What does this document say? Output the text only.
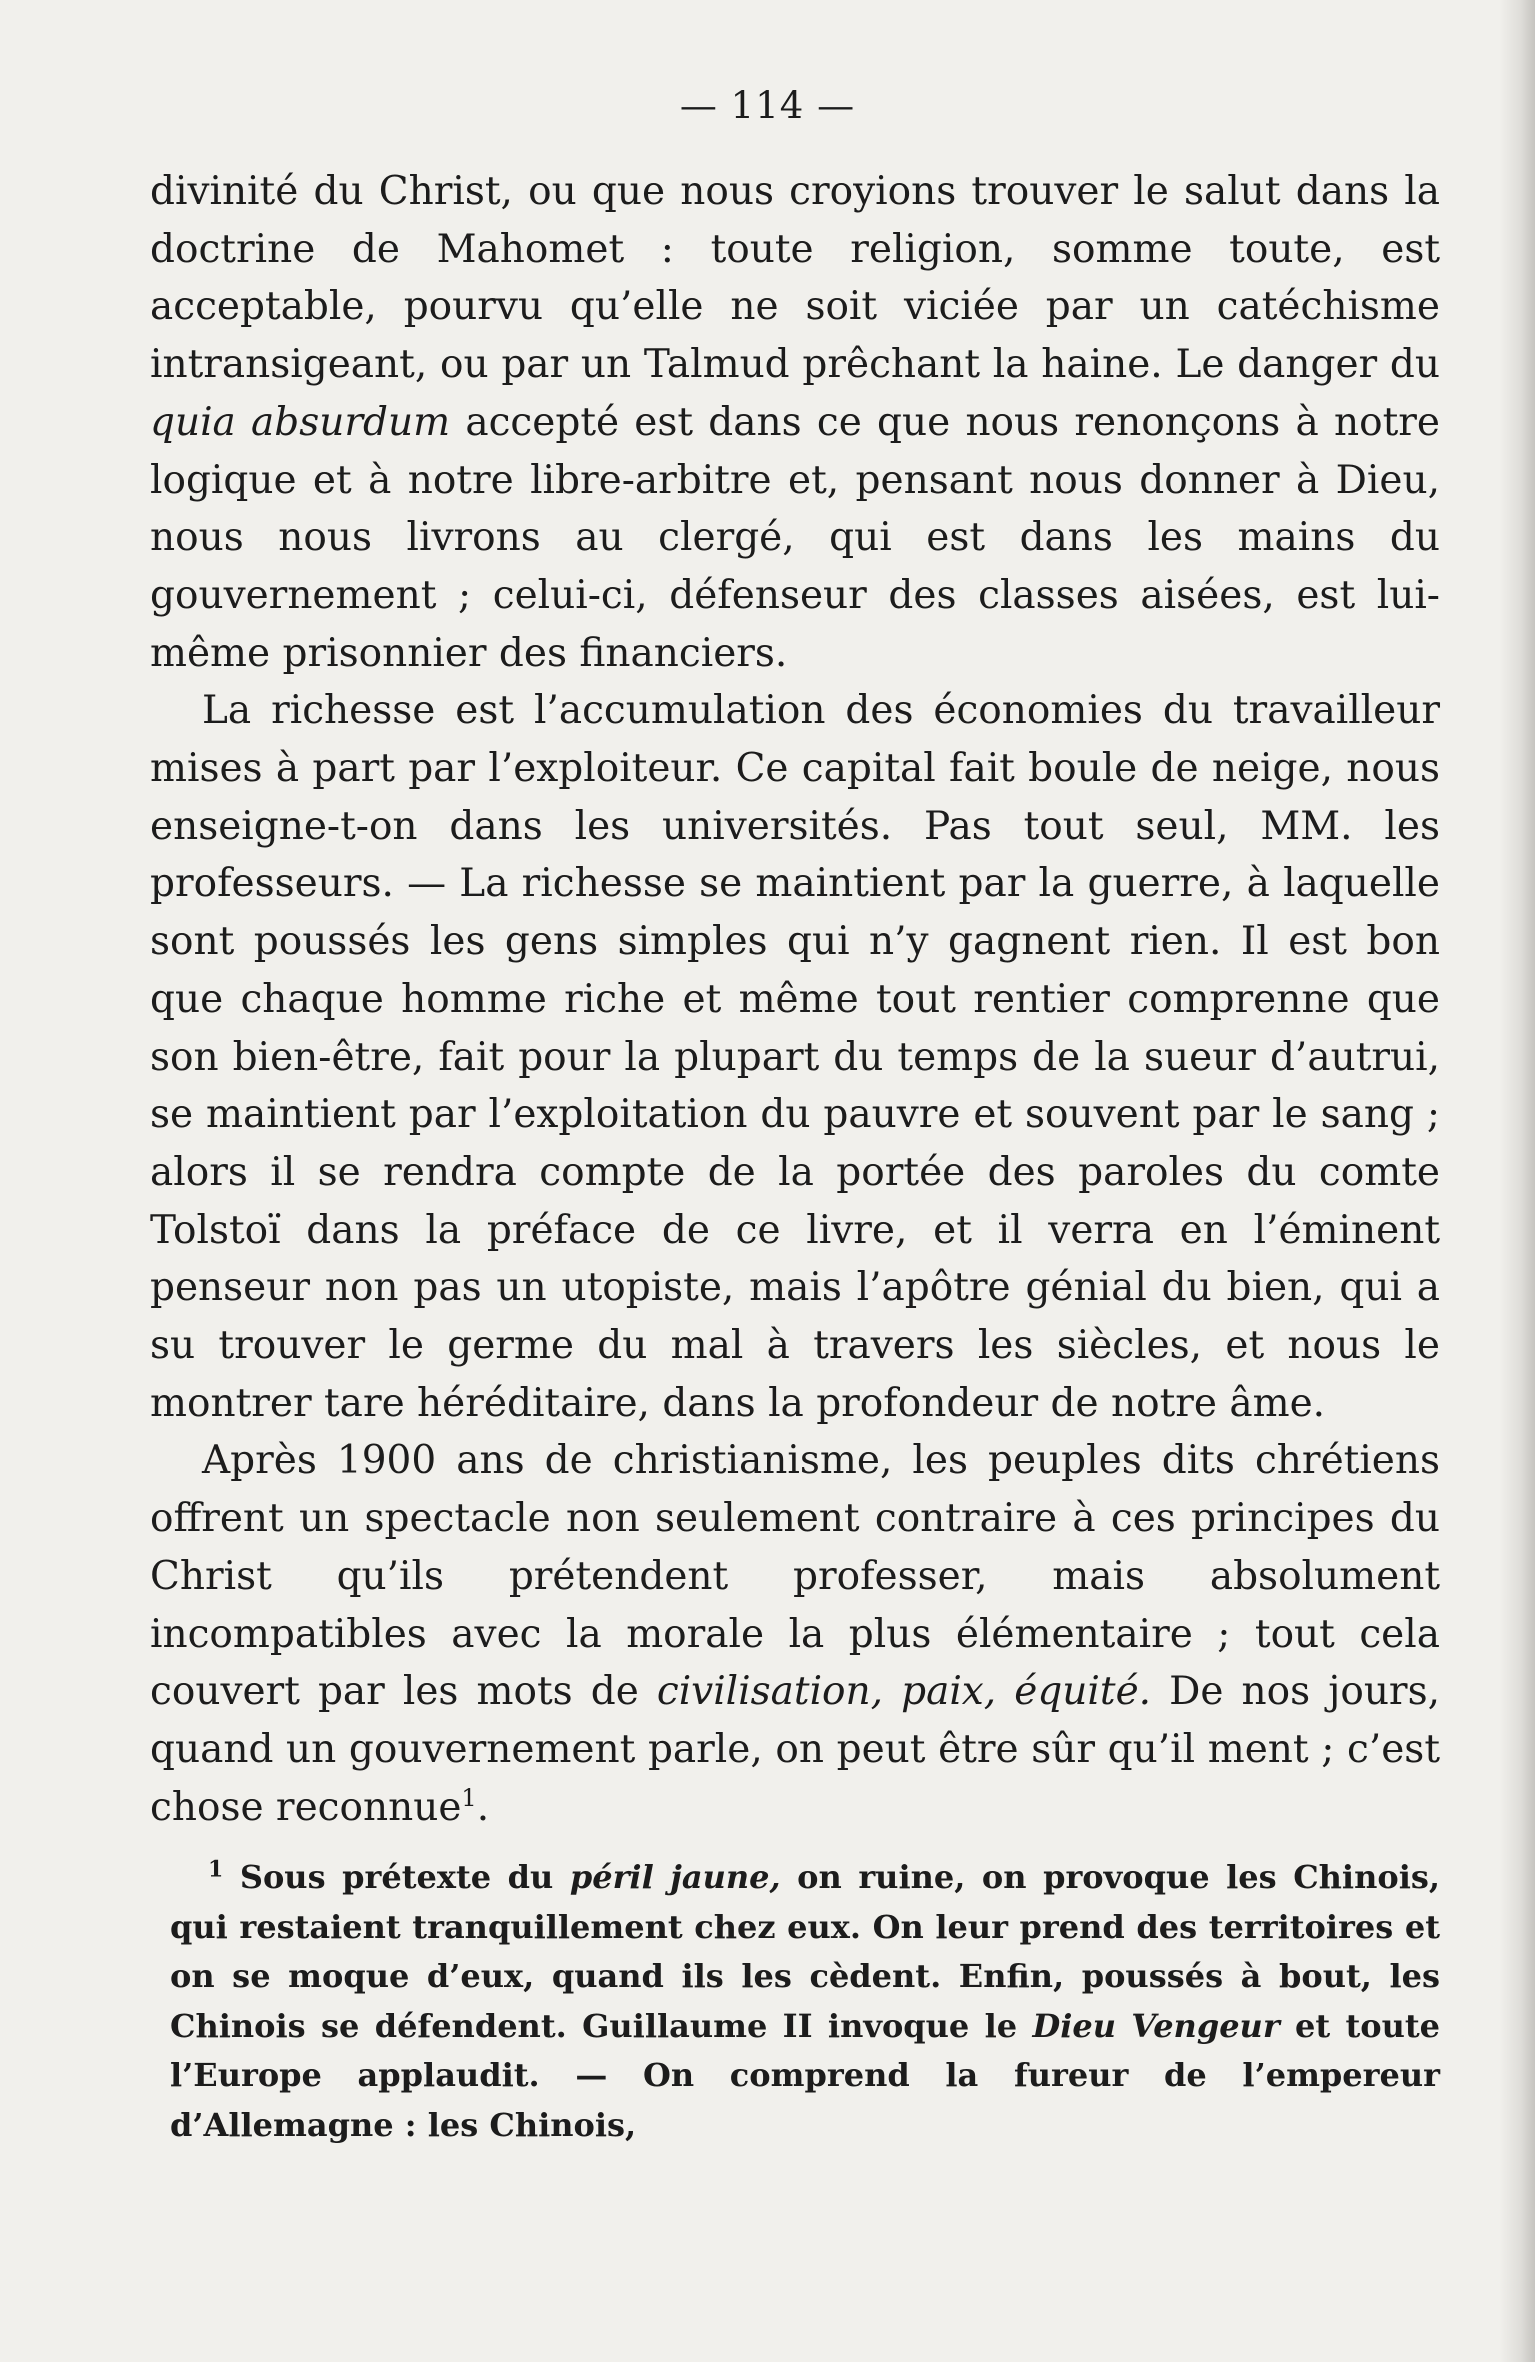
— 114 —

divinité du Christ, ou que nous croyions trouver le salut dans la doctrine de Mahomet : toute religion, somme toute, est acceptable, pourvu qu’elle ne soit viciée par un catéchisme intransigeant, ou par un Talmud prêchant la haine. Le danger du quia absurdum accepté est dans ce que nous renonçons à notre logique et à notre libre-arbitre et, pensant nous donner à Dieu, nous nous livrons au clergé, qui est dans les mains du gouvernement ; celui-ci, défenseur des classes aisées, est lui-même prisonnier des financiers.

La richesse est l’accumulation des économies du travailleur mises à part par l’exploiteur. Ce capital fait boule de neige, nous enseigne-t-on dans les universités. Pas tout seul, MM. les professeurs. — La richesse se maintient par la guerre, à laquelle sont poussés les gens simples qui n’y gagnent rien. Il est bon que chaque homme riche et même tout rentier comprenne que son bien-être, fait pour la plupart du temps de la sueur d’autrui, se maintient par l’exploitation du pauvre et souvent par le sang ; alors il se rendra compte de la portée des paroles du comte Tolstoï dans la préface de ce livre, et il verra en l’éminent penseur non pas un utopiste, mais l’apôtre génial du bien, qui a su trouver le germe du mal à travers les siècles, et nous le montrer tare héréditaire, dans la profondeur de notre âme.

Après 1900 ans de christianisme, les peuples dits chrétiens offrent un spectacle non seulement contraire à ces principes du Christ qu’ils prétendent professer, mais absolument incompatibles avec la morale la plus élémentaire ; tout cela couvert par les mots de civilisation, paix, équité. De nos jours, quand un gouvernement parle, on peut être sûr qu’il ment ; c’est chose reconnue$^1$.

$^1$ Sous prétexte du péril jaune, on ruine, on provoque les Chinois, qui restaient tranquillement chez eux. On leur prend des territoires et on se moque d’eux, quand ils les cèdent. Enfin, poussés à bout, les Chinois se défendent. Guillaume II invoque le Dieu Vengeur et toute l’Europe applaudit. — On comprend la fureur de l’empereur d’Allemagne : les Chinois,
